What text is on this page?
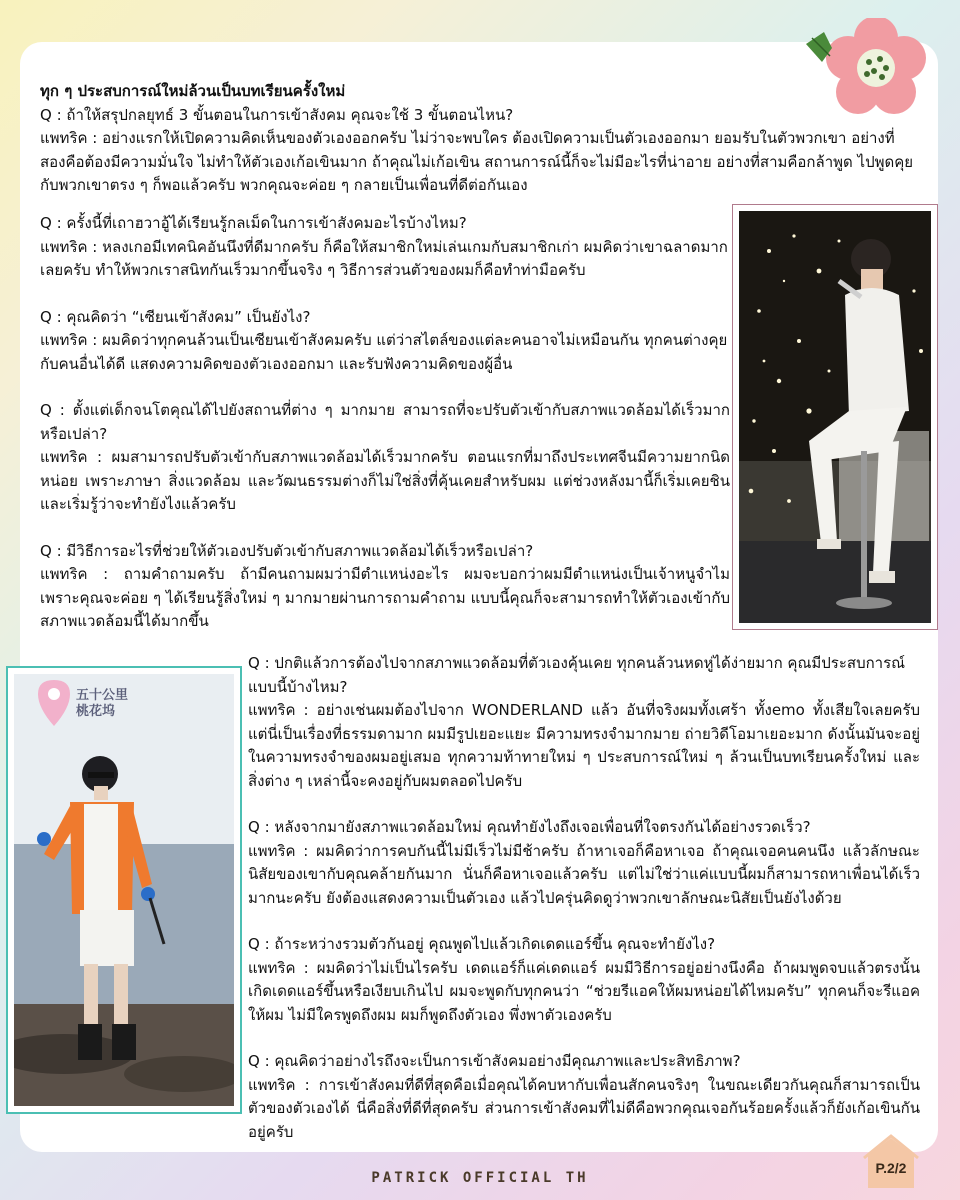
ทุก ๆ ประสบการณ์ใหม่ล้วนเป็นบทเรียนครั้งใหม่

Q : ถ้าให้สรุปกลยุทธ์ 3 ขั้นตอนในการเข้าสังคม คุณจะใช้ 3 ขั้นตอนไหน?

แพทริค : อย่างแรกให้เปิดความคิดเห็นของตัวเองออกครับ ไม่ว่าจะพบใคร ต้องเปิดความเป็นตัวเองออกมา ยอมรับในตัวพวกเขา อย่างที่สองคือต้องมีความมั่นใจ ไม่ทำให้ตัวเองเก้อเขินมาก ถ้าคุณไม่เก้อเขิน สถานการณ์นี้ก็จะไม่มีอะไรที่น่าอาย อย่างที่สามคือกล้าพูด ไปพูดคุยกับพวกเขาตรง ๆ ก็พอแล้วครับ พวกคุณจะค่อย ๆ กลายเป็นเพื่อนที่ดีต่อกันเอง

Q : ครั้งนี้ที่เถาฮวาอู้ได้เรียนรู้กลเม็ดในการเข้าสังคมอะไรบ้างไหม?

แพทริค : หลงเกอมีเทคนิคอันนึงที่ดีมากครับ ก็คือให้สมาชิกใหม่เล่นเกมกับสมาชิกเก่า ผมคิดว่าเขาฉลาดมากเลยครับ ทำให้พวกเราสนิทกันเร็วมากขึ้นจริง ๆ วิธีการส่วนตัวของผมก็คือทำท่ามือครับ

Q : คุณคิดว่า “เซียนเข้าสังคม” เป็นยังไง?

แพทริค : ผมคิดว่าทุกคนล้วนเป็นเซียนเข้าสังคมครับ แต่ว่าสไตล์ของแต่ละคนอาจไม่เหมือนกัน ทุกคนต่างคุยกับคนอื่นได้ดี แสดงความคิดของตัวเองออกมา และรับฟังความคิดของผู้อื่น

Q : ตั้งแต่เด็กจนโตคุณได้ไปยังสถานที่ต่าง ๆ มากมาย สามารถที่จะปรับตัวเข้ากับสภาพแวดล้อมได้เร็วมากหรือเปล่า?

แพทริค : ผมสามารถปรับตัวเข้ากับสภาพแวดล้อมได้เร็วมากครับ ตอนแรกที่มาถึงประเทศจีนมีความยากนิดหน่อย เพราะภาษา สิ่งแวดล้อม และวัฒนธรรมต่างก็ไม่ใช่สิ่งที่คุ้นเคยสำหรับผม แต่ช่วงหลังมานี้ก็เริ่มเคยชิน และเริ่มรู้ว่าจะทำยังไงแล้วครับ

Q : มีวิธีการอะไรที่ช่วยให้ตัวเองปรับตัวเข้ากับสภาพแวดล้อมได้เร็วหรือเปล่า?

แพทริค : ถามคำถามครับ ถ้ามีคนถามผมว่ามีตำแหน่งอะไร ผมจะบอกว่าผมมีตำแหน่งเป็นเจ้าหนูจำไม เพราะคุณจะค่อย ๆ ได้เรียนรู้สิ่งใหม่ ๆ มากมายผ่านการถามคำถาม แบบนี้คุณก็จะสามารถทำให้ตัวเองเข้ากับสภาพแวดล้อมนี้ได้มากขึ้น

五十公里桃花坞

Q : ปกติแล้วการต้องไปจากสภาพแวดล้อมที่ตัวเองคุ้นเคย ทุกคนล้วนหดหู่ได้ง่ายมาก คุณมีประสบการณ์แบบนี้บ้างไหม?

แพทริค : อย่างเช่นผมต้องไปจาก WONDERLAND แล้ว อันที่จริงผมทั้งเศร้า ทั้งemo ทั้งเสียใจเลยครับ แต่นี่เป็นเรื่องที่ธรรมดามาก ผมมีรูปเยอะแยะ มีความทรงจำมากมาย ถ่ายวิดีโอมาเยอะมาก ดังนั้นมันจะอยู่ในความทรงจำของผมอยู่เสมอ ทุกความท้าทายใหม่ ๆ ประสบการณ์ใหม่ ๆ ล้วนเป็นบทเรียนครั้งใหม่ และสิ่งต่าง ๆ เหล่านี้จะคงอยู่กับผมตลอดไปครับ

Q : หลังจากมายังสภาพแวดล้อมใหม่ คุณทำยังไงถึงเจอเพื่อนที่ใจตรงกันได้อย่างรวดเร็ว?

แพทริค : ผมคิดว่าการคบกันนี้ไม่มีเร็วไม่มีช้าครับ ถ้าหาเจอก็คือหาเจอ ถ้าคุณเจอคนคนนึง แล้วลักษณะนิสัยของเขากับคุณคล้ายกันมาก นั่นก็คือหาเจอแล้วครับ แต่ไม่ใช่ว่าแค่แบบนี้ผมก็สามารถหาเพื่อนได้เร็วมากนะครับ ยังต้องแสดงความเป็นตัวเอง แล้วไปครุ่นคิดดูว่าพวกเขาลักษณะนิสัยเป็นยังไงด้วย

Q : ถ้าระหว่างรวมตัวกันอยู่ คุณพูดไปแล้วเกิดเดดแอร์ขึ้น คุณจะทำยังไง?

แพทริค : ผมคิดว่าไม่เป็นไรครับ เดดแอร์ก็แค่เดดแอร์ ผมมีวิธีการอยู่อย่างนึงคือ ถ้าผมพูดจบแล้วตรงนั้นเกิดเดดแอร์ขึ้นหรือเงียบเกินไป ผมจะพูดกับทุกคนว่า “ช่วยรีแอคให้ผมหน่อยได้ไหมครับ” ทุกคนก็จะรีแอคให้ผม ไม่มีใครพูดถึงผม ผมก็พูดถึงตัวเอง พึ่งพาตัวเองครับ

Q : คุณคิดว่าอย่างไรถึงจะเป็นการเข้าสังคมอย่างมีคุณภาพและประสิทธิภาพ?

แพทริค : การเข้าสังคมที่ดีที่สุดคือเมื่อคุณได้คบหากับเพื่อนสักคนจริงๆ ในขณะเดียวกันคุณก็สามารถเป็นตัวของตัวเองได้ นี่คือสิ่งที่ดีที่สุดครับ ส่วนการเข้าสังคมที่ไม่ดีคือพวกคุณเจอกันร้อยครั้งแล้วก็ยังเก้อเขินกันอยู่ครับ

PATRICK OFFICIAL TH
P.2/2
